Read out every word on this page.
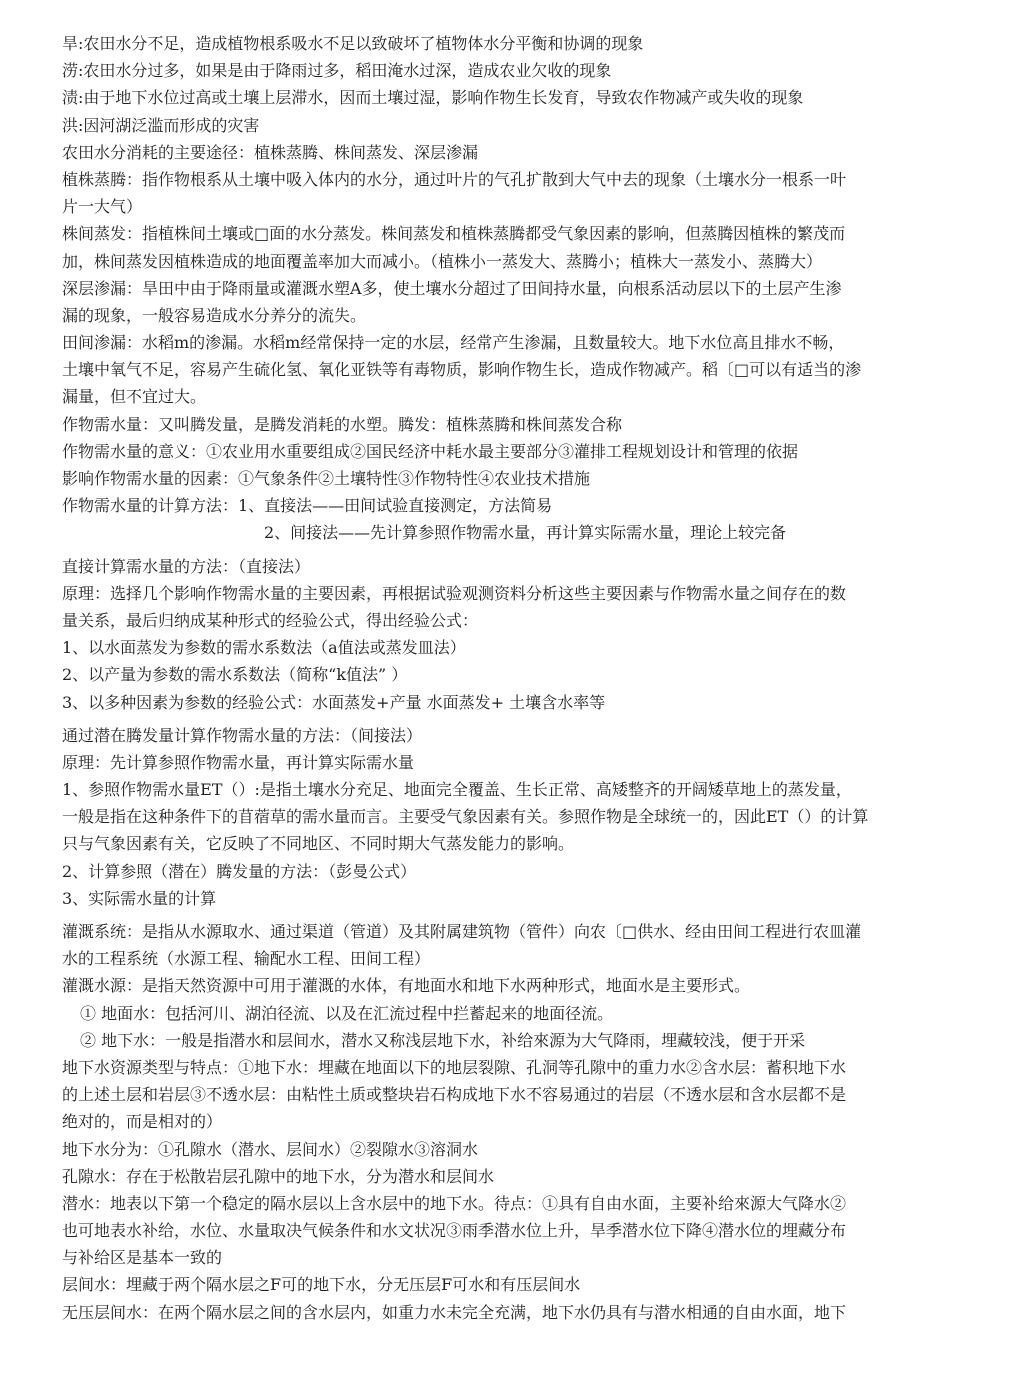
旱:农田水分不足，造成植物根系吸水不足以致破坏了植物体水分平衡和协调的现象
涝:农田水分过多，如果是由于降雨过多，稻田淹水过深，造成农业欠收的现象
渍:由于地下水位过高或土壤上层滞水，因而土壤过湿，影响作物生长发育，导致农作物减产或失收的现象
洪:因河湖泛滥而形成的灾害
农田水分消耗的主要途径：植株蒸腾、株间蒸发、深层渗漏
植株蒸腾：指作物根系从土壤中吸入体内的水分，通过叶片的气孔扩散到大气中去的现象（土壤水分一根系一叶
片一大气）
株间蒸发：指植株间土壤或□面的水分蒸发。株间蒸发和植株蒸腾都受气象因素的影响，但蒸腾因植株的繁茂而
加，株间蒸发因植株造成的地面覆盖率加大而减小。（植株小一蒸发大、蒸腾小；植株大一蒸发小、蒸腾大）
深层渗漏：旱田中由于降雨量或灌溉水塑A多，使土壤水分超过了田间持水量，向根系活动层以下的土层产生渗
漏的现象，一般容易造成水分养分的流失。
田间渗漏：水稻m的渗漏。水稻m经常保持一定的水层，经常产生渗漏，且数量较大。地下水位高且排水不畅，
土壤中氧气不足，容易产生硫化氢、氧化亚铁等有毒物质，影响作物生长，造成作物减产。稻〔□可以有适当的渗
漏量，但不宜过大。
作物需水量：又叫腾发量，是腾发消耗的水塑。腾发：植株蒸腾和株间蒸发合称
作物需水量的意义：①农业用水重要组成②国民经济中耗水最主要部分③灌排工程规划设计和管理的依据
影响作物需水量的因素：①气象条件②土壤特性③作物特性④农业技术措施
作物需水量的计算方法：1、直接法——田间试验直接测定，方法简易
2、间接法——先计算参照作物需水量，再计算实际需水量，理论上较完备
直接计算需水量的方法：（直接法）
原理：选择几个影响作物需水量的主要因素，再根据试验观测资料分析这些主要因素与作物需水量之间存在的数
量关系，最后归纳成某种形式的经验公式，得出经验公式：
1、以水面蒸发为参数的需水系数法（a值法或蒸发皿法）
2、以产量为参数的需水系数法（简称“k值法” ）
3、以多种因素为参数的经验公式：水面蒸发+产量 水面蒸发+ 土壤含水率等
通过潜在腾发量计算作物需水量的方法：（间接法）
原理：先计算参照作物需水量，再计算实际需水量
1、参照作物需水量ET（）:是指土壤水分充足、地面完全覆盖、生长正常、高矮整齐的开阔矮草地上的蒸发量，
一般是指在这种条件下的苜蓿草的需水量而言。主要受气象因素有关。参照作物是全球统一的，因此ET（）的计算
只与气象因素有关，它反映了不同地区、不同时期大气蒸发能力的影响。
2、计算参照（潜在）腾发量的方法：（彭曼公式）
3、实际需水量的计算
灌溉系统：是指从水源取水、通过渠道（管道）及其附属建筑物（管件）向农〔□供水、经由田间工程进行农皿灌
水的工程系统（水源工程、输配水工程、田间工程）
灌溉水源：是指天然资源中可用于灌溉的水体，有地面水和地下水两种形式，地面水是主要形式。
① 地面水：包括河川、湖泊径流、以及在汇流过程中拦蓄起来的地面径流。
② 地下水：一般是指潜水和层间水，潜水又称浅层地下水，补给來源为大气降雨，埋藏较浅，便于开采
地下水资源类型与特点：①地下水：埋藏在地面以下的地层裂隙、孔洞等孔隙中的重力水②含水层：蓄积地下水
的上述土层和岩层③不透水层：由粘性土质或整块岩石构成地下水不容易通过的岩层（不透水层和含水层都不是
绝对的，而是相对的）
地下水分为：①孔隙水（潜水、层间水）②裂隙水③溶洞水
孔隙水：存在于松散岩层孔隙中的地下水，分为潜水和层间水
潜水：地表以下第一个稳定的隔水层以上含水层中的地下水。待点：①具有自由水面，主要补给來源大气降水②
也可地表水补给，水位、水量取决气候条件和水文状况③雨季潜水位上升，旱季潜水位下降④潜水位的埋藏分布
与补给区是基本一致的
层间水：埋藏于两个隔水层之F可的地下水，分无压层F可水和有压层间水
无压层间水：在两个隔水层之间的含水层内，如重力水未完全充满，地下水仍具有与潜水相通的自由水面，地下
